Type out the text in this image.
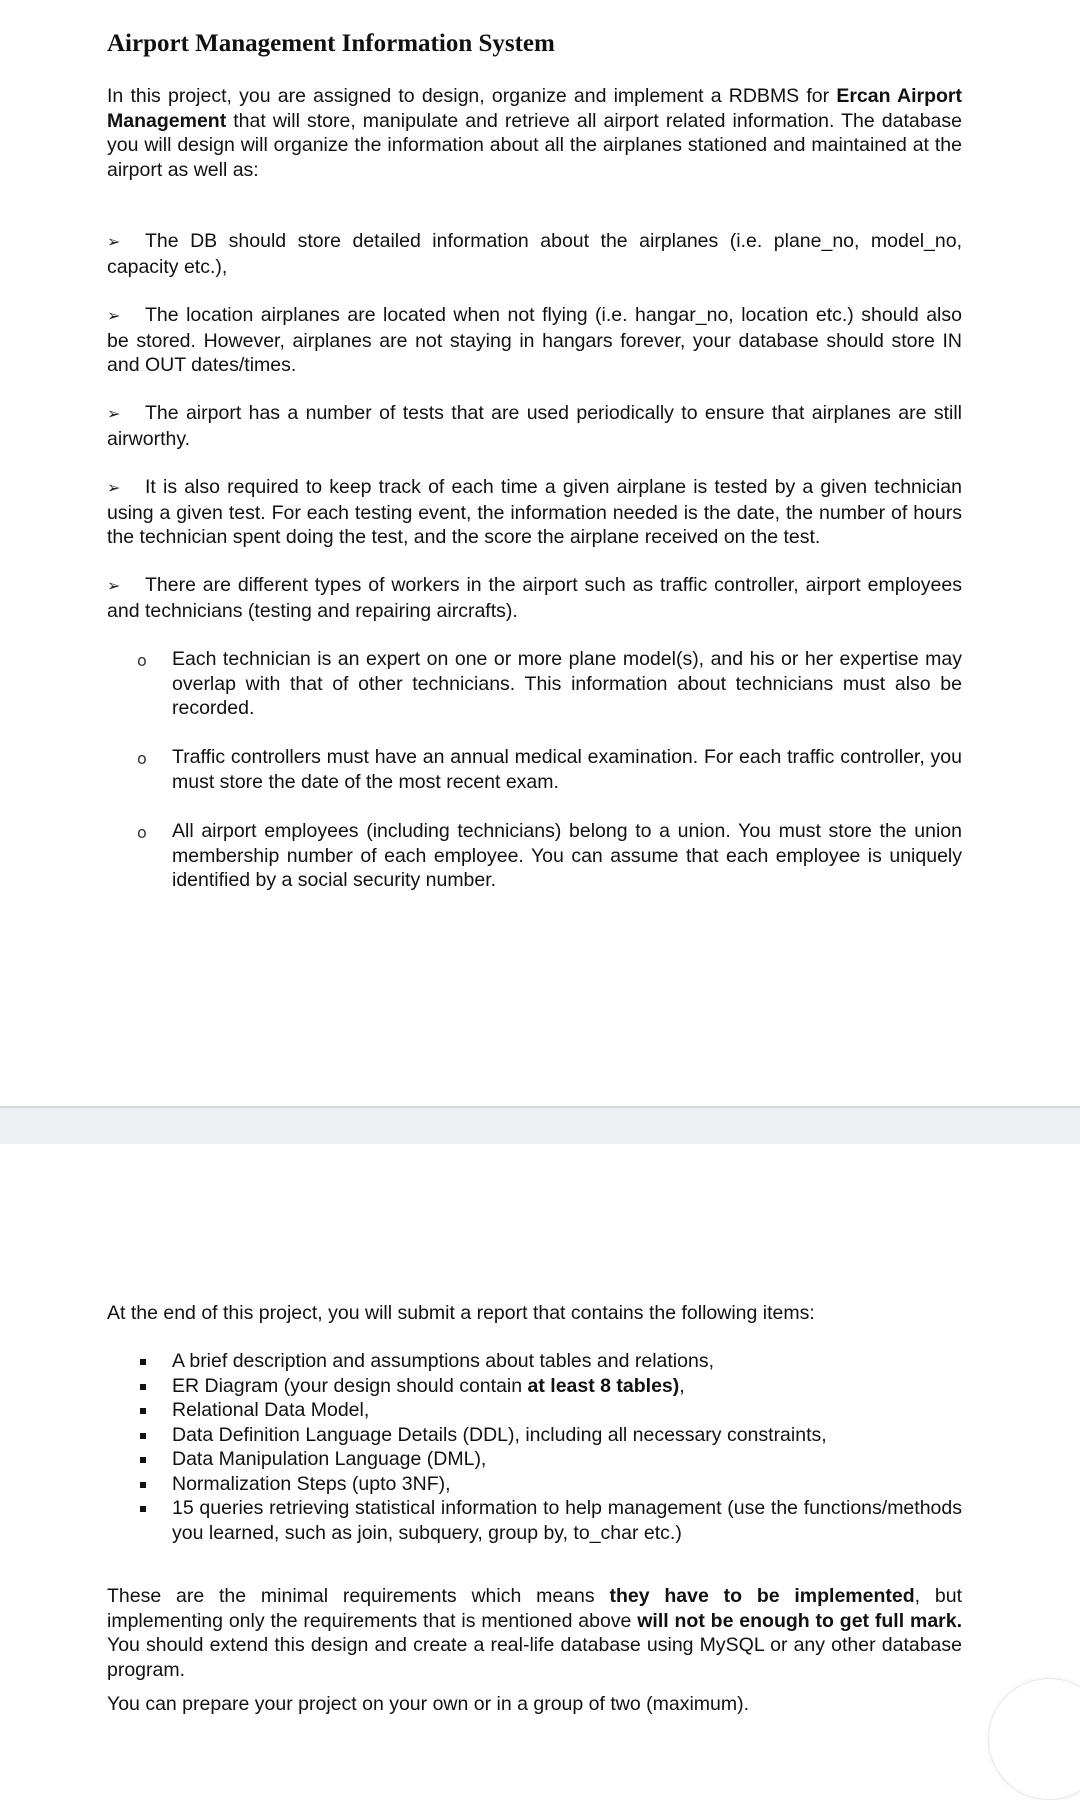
Airport Management Information System

In this project, you are assigned to design, organize and implement a RDBMS for Ercan Airport Management that will store, manipulate and retrieve all airport related information. The database you will design will organize the information about all the airplanes stationed and maintained at the airport as well as:

➢ The DB should store detailed information about the airplanes (i.e. plane_no, model_no, capacity etc.),

➢ The location airplanes are located when not flying (i.e. hangar_no, location etc.) should also be stored. However, airplanes are not staying in hangars forever, your database should store IN and OUT dates/times.

➢ The airport has a number of tests that are used periodically to ensure that airplanes are still airworthy.

➢ It is also required to keep track of each time a given airplane is tested by a given technician using a given test. For each testing event, the information needed is the date, the number of hours the technician spent doing the test, and the score the airplane received on the test.

➢ There are different types of workers in the airport such as traffic controller, airport employees and technicians (testing and repairing aircrafts).

o Each technician is an expert on one or more plane model(s), and his or her expertise may overlap with that of other technicians. This information about technicians must also be recorded.

o Traffic controllers must have an annual medical examination. For each traffic controller, you must store the date of the most recent exam.

o All airport employees (including technicians) belong to a union. You must store the union membership number of each employee. You can assume that each employee is uniquely identified by a social security number.

At the end of this project, you will submit a report that contains the following items:

A brief description and assumptions about tables and relations,
ER Diagram (your design should contain at least 8 tables),
Relational Data Model,
Data Definition Language Details (DDL), including all necessary constraints,
Data Manipulation Language (DML),
Normalization Steps (upto 3NF),
15 queries retrieving statistical information to help management (use the functions/methods you learned, such as join, subquery, group by, to_char etc.)

These are the minimal requirements which means they have to be implemented, but implementing only the requirements that is mentioned above will not be enough to get full mark. You should extend this design and create a real-life database using MySQL or any other database program.

You can prepare your project on your own or in a group of two (maximum).
